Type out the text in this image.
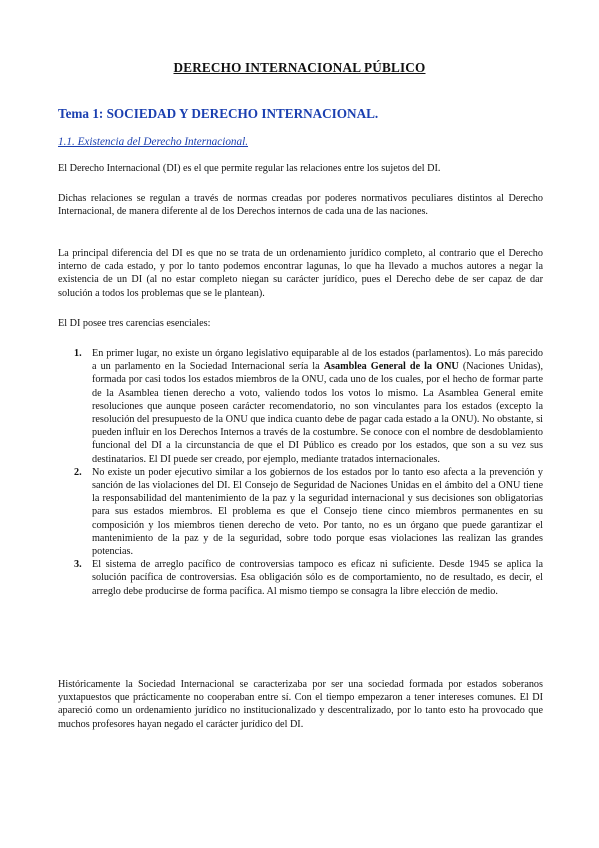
DERECHO INTERNACIONAL PÚBLICO
Tema 1: SOCIEDAD Y DERECHO INTERNACIONAL.
1.1. Existencia del Derecho Internacional.

El Derecho Internacional (DI) es el que permite regular las relaciones entre los sujetos del DI.

Dichas relaciones se regulan a través de normas creadas por poderes normativos peculiares distintos al Derecho Internacional, de manera diferente al de los Derechos internos de cada una de las naciones.

La principal diferencia del DI es que no se trata de un ordenamiento jurídico completo, al contrario que el Derecho interno de cada estado, y por lo tanto podemos encontrar lagunas, lo que ha llevado a muchos autores a negar la existencia de un DI (al no estar completo niegan su carácter jurídico, pues el Derecho debe de ser capaz de dar solución a todos los problemas que se le plantean).

El DI posee tres carencias esenciales:

1. En primer lugar, no existe un órgano legislativo equiparable al de los estados (parlamentos). Lo más parecido a un parlamento en la Sociedad Internacional sería la Asamblea General de la ONU (Naciones Unidas), formada por casi todos los estados miembros de la ONU, cada uno de los cuales, por el hecho de formar parte de la Asamblea tienen derecho a voto, valiendo todos los votos lo mismo. La Asamblea General emite resoluciones que aunque poseen carácter recomendatorio, no son vinculantes para los estados (excepto la resolución del presupuesto de la ONU que indica cuanto debe de pagar cada estado a la ONU). No obstante, si pueden influir en los Derechos Internos a través de la costumbre. Se conoce con el nombre de desdoblamiento funcional del DI a la circunstancia de que el DI Público es creado por los estados, que son a su vez sus destinatarios. El DI puede ser creado, por ejemplo, mediante tratados internacionales.
2. No existe un poder ejecutivo similar a los gobiernos de los estados por lo tanto eso afecta a la prevención y sanción de las violaciones del DI. El Consejo de Seguridad de Naciones Unidas en el ámbito del a ONU tiene la responsabilidad del mantenimiento de la paz y la seguridad internacional y sus decisiones son obligatorias para sus estados miembros. El problema es que el Consejo tiene cinco miembros permanentes en su composición y los miembros tienen derecho de veto. Por tanto, no es un órgano que puede garantizar el mantenimiento de la paz y de la seguridad, sobre todo porque esas violaciones las realizan las grandes potencias.
3. El sistema de arreglo pacífico de controversias tampoco es eficaz ni suficiente. Desde 1945 se aplica la solución pacífica de controversias. Esa obligación sólo es de comportamiento, no de resultado, es decir, el arreglo debe producirse de forma pacífica. Al mismo tiempo se consagra la libre elección de medio.

Históricamente la Sociedad Internacional se caracterizaba por ser una sociedad formada por estados soberanos yuxtapuestos que prácticamente no cooperaban entre sí. Con el tiempo empezaron a tener intereses comunes. El DI apareció como un ordenamiento jurídico no institucionalizado y descentralizado, por lo tanto esto ha provocado que muchos profesores hayan negado el carácter jurídico del DI.
